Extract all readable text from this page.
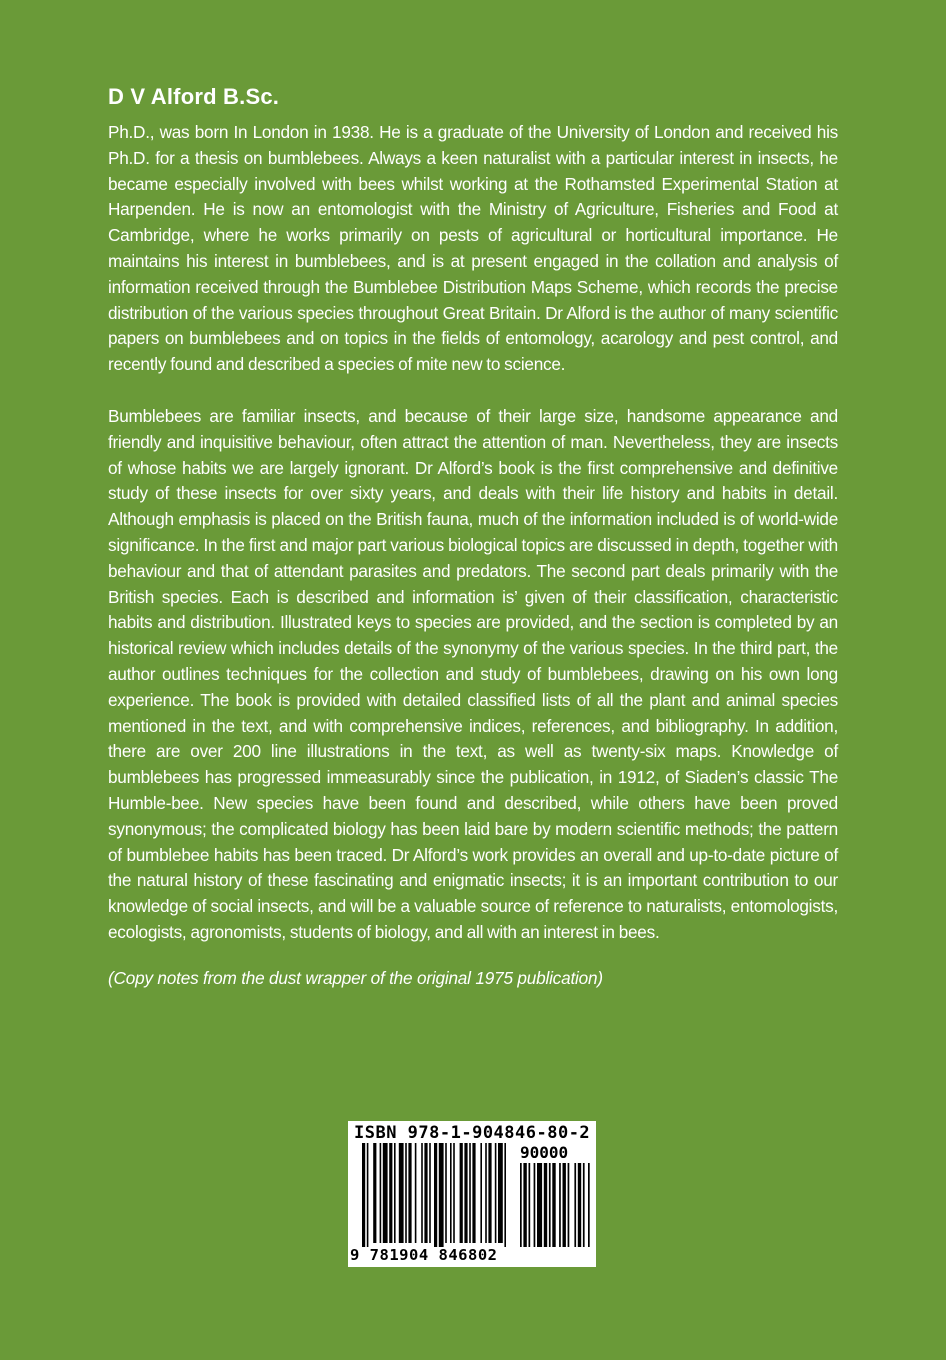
D V Alford B.Sc.

Ph.D., was born In London in 1938. He is a graduate of the University of London and received his Ph.D. for a thesis on bumblebees. Always a keen naturalist with a particular interest in insects, he became especially involved with bees whilst working at the Rothamsted Experimental Station at Harpenden. He is now an entomologist with the Ministry of Agriculture, Fisheries and Food at Cambridge, where he works primarily on pests of agricultural or horticultural importance. He maintains his interest in bumblebees, and is at present engaged in the collation and analysis of information received through the Bumblebee Distribution Maps Scheme, which records the precise distribution of the various species throughout Great Britain. Dr Alford is the author of many scientific papers on bumblebees and on topics in the fields of entomology, acarology and pest control, and recently found and described a species of mite new to science.

Bumblebees are familiar insects, and because of their large size, handsome appearance and friendly and inquisitive behaviour, often attract the attention of man. Nevertheless, they are insects of whose habits we are largely ignorant. Dr Alford’s book is the first comprehensive and definitive study of these insects for over sixty years, and deals with their life history and habits in detail. Although emphasis is placed on the British fauna, much of the information included is of world-wide significance. In the first and major part various biological topics are discussed in depth, together with behaviour and that of attendant parasites and predators. The second part deals primarily with the British species. Each is described and information is’ given of their classification, characteristic habits and distribution. Illustrated keys to species are provided, and the section is completed by an historical review which includes details of the synonymy of the various species. In the third part, the author outlines techniques for the collection and study of bumblebees, drawing on his own long experience. The book is provided with detailed classified lists of all the plant and animal species mentioned in the text, and with comprehensive indices, references, and bibliography. In addition, there are over 200 line illustrations in the text, as well as twenty-six maps. Knowledge of bumblebees has progressed immeasurably since the publication, in 1912, of Siaden’s classic The Humble-bee. New species have been found and described, while others have been proved synonymous; the complicated biology has been laid bare by modern scientific methods; the pattern of bumblebee habits has been traced. Dr Alford’s work provides an overall and up-to-date picture of the natural history of these fascinating and enigmatic insects; it is an important contribution to our knowledge of social insects, and will be a valuable source of reference to naturalists, entomologists, ecologists, agronomists, students of biology, and all with an interest in bees.

(Copy notes from the dust wrapper of the original 1975 publication)
ISBN 978-1-904846-80-2
90000
9 781904 846802
